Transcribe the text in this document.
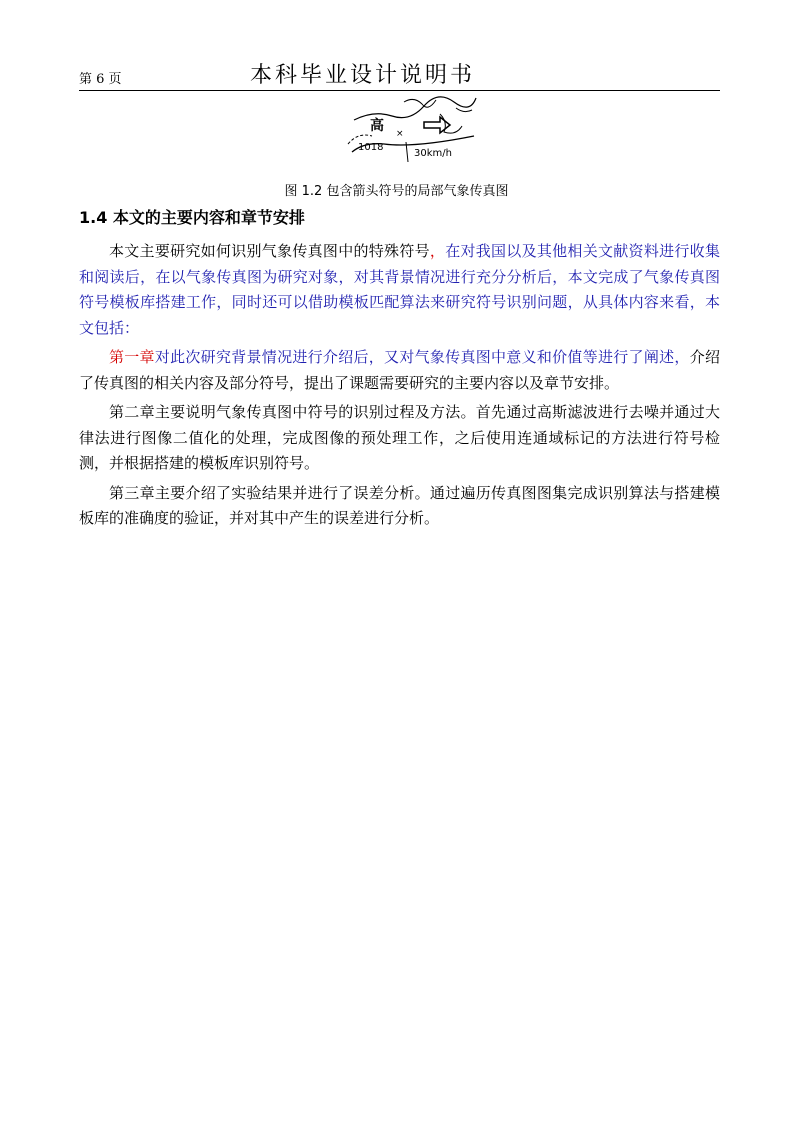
第 6 页	本科毕业设计说明书
高 ×
1018
30km/h
图 1.2 包含箭头符号的局部气象传真图
1.4 本文的主要内容和章节安排

本文主要研究如何识别气象传真图中的特殊符号，在对我国以及其他相关文献资料进行收集和阅读后，在以气象传真图为研究对象，对其背景情况进行充分分析后，本文完成了气象传真图符号模板库搭建工作，同时还可以借助模板匹配算法来研究符号识别问题，从具体内容来看，本文包括：

第一章对此次研究背景情况进行介绍后，又对气象传真图中意义和价值等进行了阐述，介绍了传真图的相关内容及部分符号，提出了课题需要研究的主要内容以及章节安排。

第二章主要说明气象传真图中符号的识别过程及方法。首先通过高斯滤波进行去噪并通过大律法进行图像二值化的处理，完成图像的预处理工作，之后使用连通域标记的方法进行符号检测，并根据搭建的模板库识别符号。

第三章主要介绍了实验结果并进行了误差分析。通过遍历传真图图集完成识别算法与搭建模板库的准确度的验证，并对其中产生的误差进行分析。
